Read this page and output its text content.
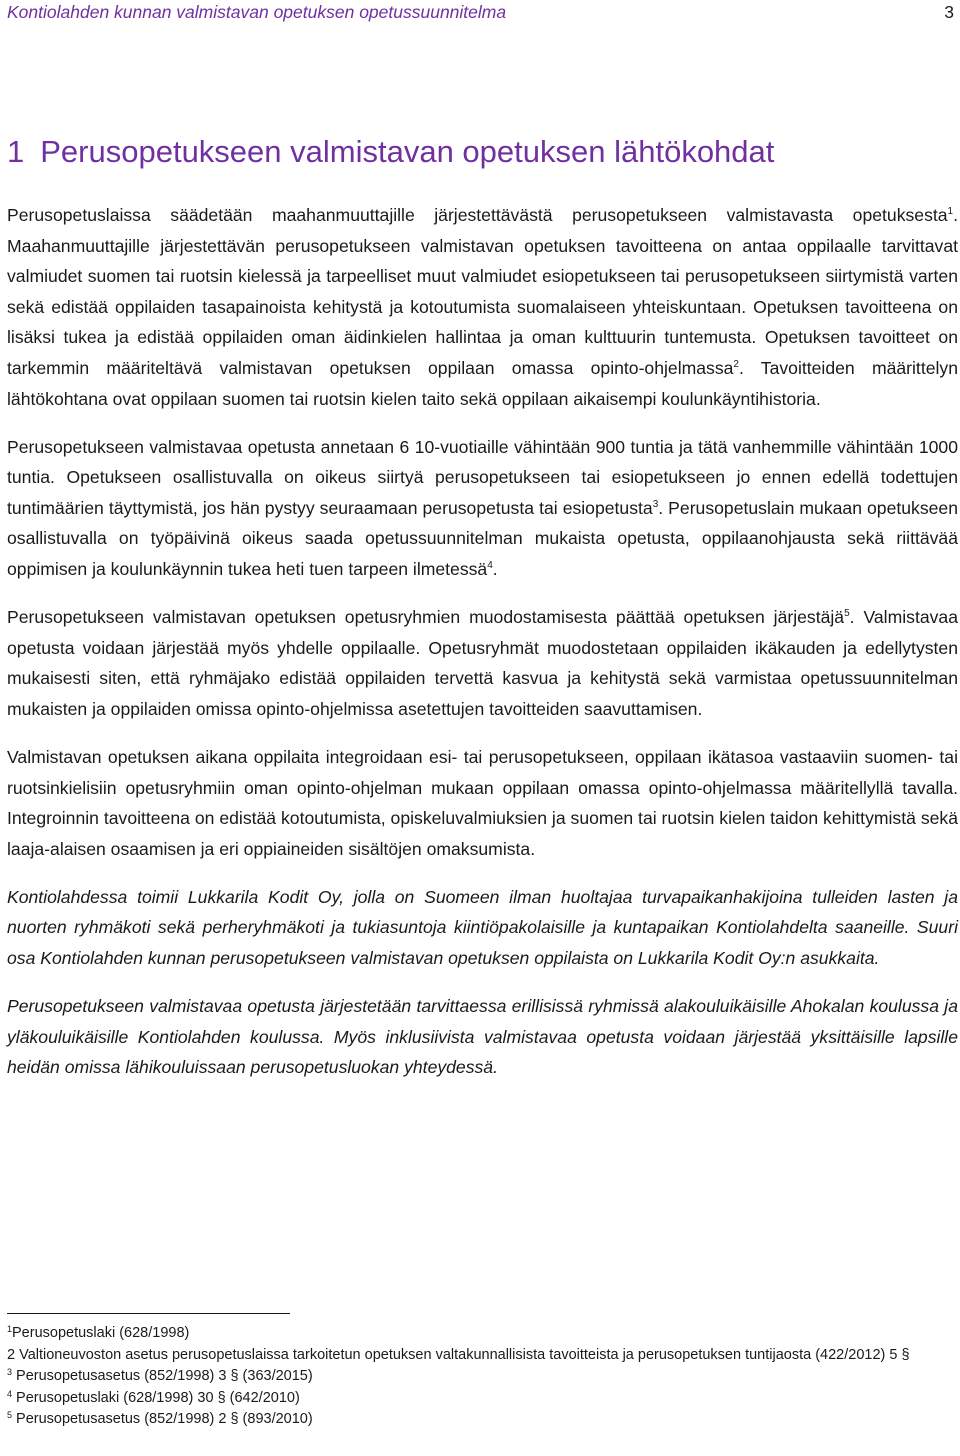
Kontiolahden kunnan valmistavan opetuksen opetussuunnitelma	3
1 Perusopetukseen valmistavan opetuksen lähtökohdat

Perusopetuslaissa säädetään maahanmuuttajille järjestettävästä perusopetukseen valmistavasta opetuksesta$^1$. Maahanmuuttajille järjestettävän perusopetukseen valmistavan opetuksen tavoitteena on antaa oppilaalle tarvittavat valmiudet suomen tai ruotsin kielessä ja tarpeelliset muut valmiudet esiopetukseen tai perusopetukseen siirtymistä varten sekä edistää oppilaiden tasapainoista kehitystä ja kotoutumista suomalaiseen yhteiskuntaan. Opetuksen tavoitteena on lisäksi tukea ja edistää oppilaiden oman äidinkielen hallintaa ja oman kulttuurin tuntemusta. Opetuksen tavoitteet on tarkemmin määriteltävä valmistavan opetuksen oppilaan omassa opinto-ohjelmassa$^2$. Tavoitteiden määrittelyn lähtökohtana ovat oppilaan suomen tai ruotsin kielen taito sekä oppilaan aikaisempi koulunkäyntihistoria.

Perusopetukseen valmistavaa opetusta annetaan 6 10-vuotiaille vähintään 900 tuntia ja tätä vanhemmille vähintään 1000 tuntia. Opetukseen osallistuvalla on oikeus siirtyä perusopetukseen tai esiopetukseen jo ennen edellä todettujen tuntimäärien täyttymistä, jos hän pystyy seuraamaan perusopetusta tai esiopetusta$^3$. Perusopetuslain mukaan opetukseen osallistuvalla on työpäivinä oikeus saada opetussuunnitelman mukaista opetusta, oppilaanohjausta sekä riittävää oppimisen ja koulunkäynnin tukea heti tuen tarpeen ilmetessä$^4$.

Perusopetukseen valmistavan opetuksen opetusryhmien muodostamisesta päättää opetuksen järjestäjä$^5$. Valmistavaa opetusta voidaan järjestää myös yhdelle oppilaalle. Opetusryhmät muodostetaan oppilaiden ikäkauden ja edellytysten mukaisesti siten, että ryhmäjako edistää oppilaiden tervettä kasvua ja kehitystä sekä varmistaa opetussuunnitelman mukaisten ja oppilaiden omissa opinto-ohjelmissa asetettujen tavoitteiden saavuttamisen.

Valmistavan opetuksen aikana oppilaita integroidaan esi- tai perusopetukseen, oppilaan ikätasoa vastaaviin suomen- tai ruotsinkielisiin opetusryhmiin oman opinto-ohjelman mukaan oppilaan omassa opinto-ohjelmassa määritellyllä tavalla. Integroinnin tavoitteena on edistää kotoutumista, opiskeluvalmiuksien ja suomen tai ruotsin kielen taidon kehittymistä sekä laaja-alaisen osaamisen ja eri oppiaineiden sisältöjen omaksumista.

Kontiolahdessa toimii Lukkarila Kodit Oy, jolla on Suomeen ilman huoltajaa turvapaikanhakijoina tulleiden lasten ja nuorten ryhmäkoti sekä perheryhmäkoti ja tukiasuntoja kiintiöpakolaisille ja kuntapaikan Kontiolahdelta saaneille. Suuri osa Kontiolahden kunnan perusopetukseen valmistavan opetuksen oppilaista on Lukkarila Kodit Oy:n asukkaita.

Perusopetukseen valmistavaa opetusta järjestetään tarvittaessa erillisissä ryhmissä alakouluikäisille Ahokalan koulussa ja yläkouluikäisille Kontiolahden koulussa. Myös inklusiivista valmistavaa opetusta voidaan järjestää yksittäisille lapsille heidän omissa lähikouluissaan perusopetusluokan yhteydessä.

$^1$Perusopetuslaki (628/1998)
2 Valtioneuvoston asetus perusopetuslaissa tarkoitetun opetuksen valtakunnallisista tavoitteista ja perusopetuksen tuntijaosta (422/2012) 5 §
$^3$ Perusopetusasetus (852/1998) 3 § (363/2015)
$^4$ Perusopetuslaki (628/1998) 30 § (642/2010)
$^5$ Perusopetusasetus (852/1998) 2 § (893/2010)
